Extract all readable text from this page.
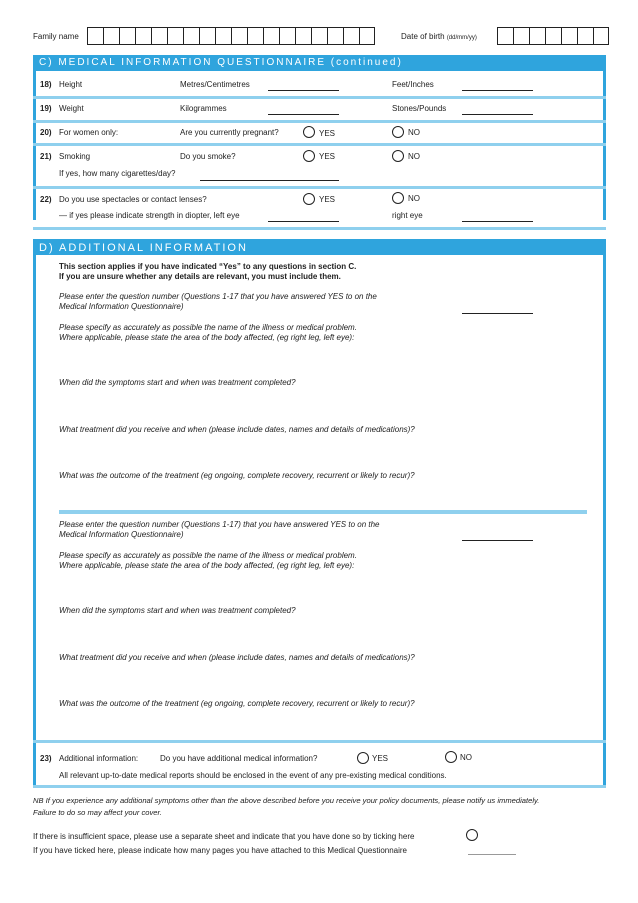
Family name	Date of birth (dd/mm/yy)
C) MEDICAL INFORMATION QUESTIONNAIRE (continued)
18) Height	Metres/Centimetres	Feet/Inches
19) Weight	Kilogrammes	Stones/Pounds
20) For women only:	Are you currently pregnant?	YES	NO
21) Smoking	Do you smoke?	YES	NO
If yes, how many cigarettes/day?
22) Do you use spectacles or contact lenses?	YES	NO
— if yes please indicate strength in diopter, left eye	right eye
D) ADDITIONAL INFORMATION
This section applies if you have indicated “Yes” to any questions in section C.
If you are unsure whether any details are relevant, you must include them.
Please enter the question number (Questions 1-17 that you have answered YES to on the
Medical Information Questionnaire)
Please specify as accurately as possible the name of the illness or medical problem.
Where applicable, please state the area of the body affected, (eg right leg, left eye):
When did the symptoms start and when was treatment completed?
What treatment did you receive and when (please include dates, names and details of medications)?
What was the outcome of the treatment (eg ongoing, complete recovery, recurrent or likely to recur)?
Please enter the question number (Questions 1-17) that you have answered YES to on the
Medical Information Questionnaire)
Please specify as accurately as possible the name of the illness or medical problem.
Where applicable, please state the area of the body affected, (eg right leg, left eye):
When did the symptoms start and when was treatment completed?
What treatment did you receive and when (please include dates, names and details of medications)?
What was the outcome of the treatment (eg ongoing, complete recovery, recurrent or likely to recur)?
23) Additional information:	Do you have additional medical information?	YES	NO
All relevant up-to-date medical reports should be enclosed in the event of any pre-existing medical conditions.
NB If you experience any additional symptoms other than the above described before you receive your policy documents, please notify us immediately.
Failure to do so may affect your cover.
If there is insufficient space, please use a separate sheet and indicate that you have done so by ticking here
If you have ticked here, please indicate how many pages you have attached to this Medical Questionnaire
